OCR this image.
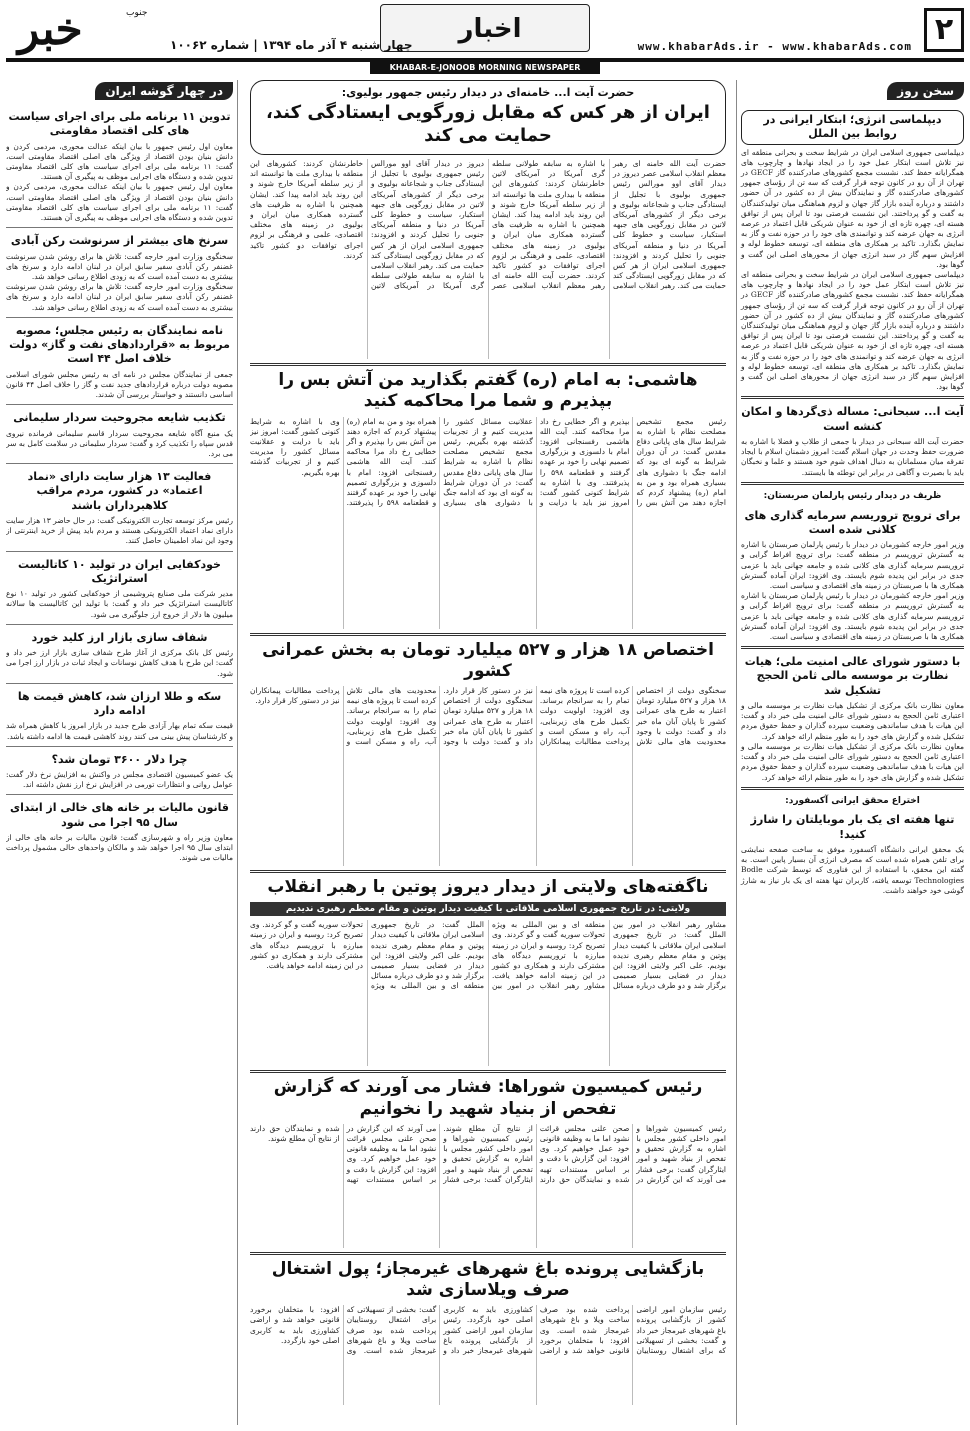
۲
www.khabarAds.ir - www.khabarAds.com
اخبار
خبر	جنوب
چهار شنبه ۴ آذر ماه ۱۳۹۴ | شماره ۱۰۰۶۲
KHABAR-E-JONOOB MORNING NEWSPAPER
سخن روز
دیپلماسی انرژی؛ ابتکار ایرانی در روابط بین الملل
دیپلماسی جمهوری اسلامی ایران در شرایط سخت و بحرانی منطقه ای نیز تلاش است ابتکار عمل خود را در ایجاد نهادها و چارچوب های همگرایانه حفظ کند. نشست مجمع کشورهای صادرکننده گاز GECF در تهران از آن رو در کانون توجه قرار گرفت که سه تن از رؤسای جمهور کشورهای صادرکننده گاز و نمایندگان بیش از ده کشور در آن حضور داشتند و درباره آینده بازار گاز جهان و لزوم هماهنگی میان تولیدکنندگان به گفت و گو پرداختند. این نشست فرصتی بود تا ایران پس از توافق هسته ای، چهره تازه ای از خود به عنوان شریکی قابل اعتماد در عرصه انرژی به جهان عرضه کند و توانمندی های خود را در حوزه نفت و گاز به نمایش بگذارد. تاکید بر همکاری های منطقه ای، توسعه خطوط لوله و افزایش سهم گاز در سبد انرژی جهان از محورهای اصلی این گفت و گوها بود.
دیپلماسی جمهوری اسلامی ایران در شرایط سخت و بحرانی منطقه ای نیز تلاش است ابتکار عمل خود را در ایجاد نهادها و چارچوب های همگرایانه حفظ کند. نشست مجمع کشورهای صادرکننده گاز GECF در تهران از آن رو در کانون توجه قرار گرفت که سه تن از رؤسای جمهور کشورهای صادرکننده گاز و نمایندگان بیش از ده کشور در آن حضور داشتند و درباره آینده بازار گاز جهان و لزوم هماهنگی میان تولیدکنندگان به گفت و گو پرداختند. این نشست فرصتی بود تا ایران پس از توافق هسته ای، چهره تازه ای از خود به عنوان شریکی قابل اعتماد در عرصه انرژی به جهان عرضه کند و توانمندی های خود را در حوزه نفت و گاز به نمایش بگذارد. تاکید بر همکاری های منطقه ای، توسعه خطوط لوله و افزایش سهم گاز در سبد انرژی جهان از محورهای اصلی این گفت و گوها بود.
آیت ا... سبحانی: مساله ذی‌گردها و امکان کنشه است
حضرت آیت الله سبحانی در دیدار با جمعی از طلاب و فضلا با اشاره به ضرورت حفظ وحدت در جهان اسلام گفت: امروز دشمنان اسلام با ایجاد تفرقه میان مسلمانان به دنبال اهداف شوم خود هستند و علما و نخبگان باید با بصیرت و آگاهی در برابر این توطئه ها بایستند.
ظریف در دیدار رئیس پارلمان صربستان:
برای ترویج تروریسم سرمایه گذاری های کلانی شده است
وزیر امور خارجه کشورمان در دیدار با رئیس پارلمان صربستان با اشاره به گسترش تروریسم در منطقه گفت: برای ترویج افراط گرایی و تروریسم سرمایه گذاری های کلانی شده و جامعه جهانی باید با عزمی جدی در برابر این پدیده شوم بایستد. وی افزود: ایران آماده گسترش همکاری ها با صربستان در زمینه های اقتصادی و سیاسی است.
وزیر امور خارجه کشورمان در دیدار با رئیس پارلمان صربستان با اشاره به گسترش تروریسم در منطقه گفت: برای ترویج افراط گرایی و تروریسم سرمایه گذاری های کلانی شده و جامعه جهانی باید با عزمی جدی در برابر این پدیده شوم بایستد. وی افزود: ایران آماده گسترش همکاری ها با صربستان در زمینه های اقتصادی و سیاسی است.
با دستور شورای عالی امنیت ملی؛ هیات نظارت بر موسسه مالی ثامن الحجج تشکیل شد
معاون نظارت بانک مرکزی از تشکیل هیات نظارت بر موسسه مالی و اعتباری ثامن الحجج به دستور شورای عالی امنیت ملی خبر داد و گفت: این هیات با هدف ساماندهی وضعیت سپرده گذاران و حفظ حقوق مردم تشکیل شده و گزارش های خود را به طور منظم ارائه خواهد کرد.
معاون نظارت بانک مرکزی از تشکیل هیات نظارت بر موسسه مالی و اعتباری ثامن الحجج به دستور شورای عالی امنیت ملی خبر داد و گفت: این هیات با هدف ساماندهی وضعیت سپرده گذاران و حفظ حقوق مردم تشکیل شده و گزارش های خود را به طور منظم ارائه خواهد کرد.
اختراع محقق ایرانی آکسفورد:
تنها هفته ای یک بار موبایلتان را شارژ کنید!
یک محقق ایرانی دانشگاه آکسفورد موفق به ساخت صفحه نمایشی برای تلفن همراه شده است که مصرف انرژی آن بسیار پایین است. به گفته این محقق، با استفاده از این فناوری که توسط شرکت Bodle Technologies توسعه یافته، کاربران تنها هفته ای یک بار نیاز به شارژ گوشی خود خواهند داشت.
حضرت آیت ا... خامنه‌ای در دیدار رئیس جمهور بولیوی:
ایران از هر کس که مقابل زورگویی ایستادگی کند، حمایت می کند
حضرت آیت الله خامنه ای رهبر معظم انقلاب اسلامی عصر دیروز در دیدار آقای اوو مورالس رئیس جمهوری بولیوی با تجلیل از ایستادگی جناب و شجاعانه بولیوی و برخی دیگر از کشورهای آمریکای لاتین در مقابل زورگویی های جبهه استکبار، سیاست و خطوط کلی آمریکا در دنیا و منطقه آمریکای جنوبی را تحلیل کردند و افزودند: جمهوری اسلامی ایران از هر کس که در مقابل زورگویی ایستادگی کند حمایت می کند. رهبر انقلاب اسلامی با اشاره به سابقه طولانی سلطه گری آمریکا در آمریکای لاتین خاطرنشان کردند: کشورهای این منطقه با بیداری ملت ها توانسته اند از زیر سلطه آمریکا خارج شوند و این روند باید ادامه پیدا کند. ایشان همچنین با اشاره به ظرفیت های گسترده همکاری میان ایران و بولیوی در زمینه های مختلف اقتصادی، علمی و فرهنگی بر لزوم اجرای توافقات دو کشور تاکید کردند. حضرت آیت الله خامنه ای رهبر معظم انقلاب اسلامی عصر دیروز در دیدار آقای اوو مورالس رئیس جمهوری بولیوی با تجلیل از ایستادگی جناب و شجاعانه بولیوی و برخی دیگر از کشورهای آمریکای لاتین در مقابل زورگویی های جبهه استکبار، سیاست و خطوط کلی آمریکا در دنیا و منطقه آمریکای جنوبی را تحلیل کردند و افزودند: جمهوری اسلامی ایران از هر کس که در مقابل زورگویی ایستادگی کند حمایت می کند. رهبر انقلاب اسلامی با اشاره به سابقه طولانی سلطه گری آمریکا در آمریکای لاتین خاطرنشان کردند: کشورهای این منطقه با بیداری ملت ها توانسته اند از زیر سلطه آمریکا خارج شوند و این روند باید ادامه پیدا کند. ایشان همچنین با اشاره به ظرفیت های گسترده همکاری میان ایران و بولیوی در زمینه های مختلف اقتصادی، علمی و فرهنگی بر لزوم اجرای توافقات دو کشور تاکید کردند.
هاشمی: به امام (ره) گفتم بگذارید من آتش بس را بپذیرم و شما مرا محاکمه کنید
رئیس مجمع تشخیص مصلحت نظام با اشاره به شرایط سال های پایانی دفاع مقدس گفت: در آن دوران شرایط به گونه ای بود که ادامه جنگ با دشواری های بسیاری همراه بود و من به امام (ره) پیشنهاد کردم که اجازه دهند من آتش بس را بپذیرم و اگر خطایی رخ داد مرا محاکمه کنند. آیت الله هاشمی رفسنجانی افزود: امام با دلسوزی و بزرگواری تصمیم نهایی را خود بر عهده گرفتند و قطعنامه ۵۹۸ را پذیرفتند. وی با اشاره به شرایط کنونی کشور گفت: امروز نیز باید با درایت و عقلانیت مسائل کشور را مدیریت کنیم و از تجربیات گذشته بهره بگیریم. رئیس مجمع تشخیص مصلحت نظام با اشاره به شرایط سال های پایانی دفاع مقدس گفت: در آن دوران شرایط به گونه ای بود که ادامه جنگ با دشواری های بسیاری همراه بود و من به امام (ره) پیشنهاد کردم که اجازه دهند من آتش بس را بپذیرم و اگر خطایی رخ داد مرا محاکمه کنند. آیت الله هاشمی رفسنجانی افزود: امام با دلسوزی و بزرگواری تصمیم نهایی را خود بر عهده گرفتند و قطعنامه ۵۹۸ را پذیرفتند. وی با اشاره به شرایط کنونی کشور گفت: امروز نیز باید با درایت و عقلانیت مسائل کشور را مدیریت کنیم و از تجربیات گذشته بهره بگیریم.
اختصاص ۱۸ هزار و ۵۲۷ میلیارد تومان به بخش عمرانی کشور
سخنگوی دولت از اختصاص ۱۸ هزار و ۵۲۷ میلیارد تومان اعتبار به طرح های عمرانی کشور تا پایان آبان ماه خبر داد و گفت: دولت با وجود محدودیت های مالی تلاش کرده است تا پروژه های نیمه تمام را به سرانجام برساند. وی افزود: اولویت دولت تکمیل طرح های زیربنایی، آب، راه و مسکن است و پرداخت مطالبات پیمانکاران نیز در دستور کار قرار دارد. سخنگوی دولت از اختصاص ۱۸ هزار و ۵۲۷ میلیارد تومان اعتبار به طرح های عمرانی کشور تا پایان آبان ماه خبر داد و گفت: دولت با وجود محدودیت های مالی تلاش کرده است تا پروژه های نیمه تمام را به سرانجام برساند. وی افزود: اولویت دولت تکمیل طرح های زیربنایی، آب، راه و مسکن است و پرداخت مطالبات پیمانکاران نیز در دستور کار قرار دارد.
ناگفته‌های ولایتی از دیدار دیروز پوتین با رهبر انقلاب
ولایتی: در تاریخ جمهوری اسلامی ملاقاتی با کیفیت دیدار پوتین و مقام معظم رهبری ندیدیم
مشاور رهبر انقلاب در امور بین الملل گفت: در تاریخ جمهوری اسلامی ایران ملاقاتی با کیفیت دیدار پوتین و مقام معظم رهبری ندیده بودیم. علی اکبر ولایتی افزود: این دیدار در فضایی بسیار صمیمی برگزار شد و دو طرف درباره مسائل منطقه ای و بین المللی به ویژه تحولات سوریه گفت و گو کردند. وی تصریح کرد: روسیه و ایران در زمینه مبارزه با تروریسم دیدگاه های مشترکی دارند و همکاری دو کشور در این زمینه ادامه خواهد یافت. مشاور رهبر انقلاب در امور بین الملل گفت: در تاریخ جمهوری اسلامی ایران ملاقاتی با کیفیت دیدار پوتین و مقام معظم رهبری ندیده بودیم. علی اکبر ولایتی افزود: این دیدار در فضایی بسیار صمیمی برگزار شد و دو طرف درباره مسائل منطقه ای و بین المللی به ویژه تحولات سوریه گفت و گو کردند. وی تصریح کرد: روسیه و ایران در زمینه مبارزه با تروریسم دیدگاه های مشترکی دارند و همکاری دو کشور در این زمینه ادامه خواهد یافت.
رئیس کمیسیون شوراها: فشار می آورند که گزارش تفحص از بنیاد شهید را نخوانیم
رئیس کمیسیون شوراها و امور داخلی کشور مجلس با اشاره به گزارش تحقیق و تفحص از بنیاد شهید و امور ایثارگران گفت: برخی فشار می آورند که این گزارش در صحن علنی مجلس قرائت نشود اما ما به وظیفه قانونی خود عمل خواهیم کرد. وی افزود: این گزارش با دقت و بر اساس مستندات تهیه شده و نمایندگان حق دارند از نتایج آن مطلع شوند. رئیس کمیسیون شوراها و امور داخلی کشور مجلس با اشاره به گزارش تحقیق و تفحص از بنیاد شهید و امور ایثارگران گفت: برخی فشار می آورند که این گزارش در صحن علنی مجلس قرائت نشود اما ما به وظیفه قانونی خود عمل خواهیم کرد. وی افزود: این گزارش با دقت و بر اساس مستندات تهیه شده و نمایندگان حق دارند از نتایج آن مطلع شوند.
بازگشایی پرونده باغ شهرهای غیرمجاز؛ پول اشتغال صرف ویلاسازی شد
رئیس سازمان امور اراضی کشور از بازگشایی پرونده باغ شهرهای غیرمجاز خبر داد و گفت: بخشی از تسهیلاتی که برای اشتغال روستاییان پرداخت شده بود صرف ساخت ویلا و باغ شهرهای غیرمجاز شده است. وی افزود: با متخلفان برخورد قانونی خواهد شد و اراضی کشاورزی باید به کاربری اصلی خود بازگردد. رئیس سازمان امور اراضی کشور از بازگشایی پرونده باغ شهرهای غیرمجاز خبر داد و گفت: بخشی از تسهیلاتی که برای اشتغال روستاییان پرداخت شده بود صرف ساخت ویلا و باغ شهرهای غیرمجاز شده است. وی افزود: با متخلفان برخورد قانونی خواهد شد و اراضی کشاورزی باید به کاربری اصلی خود بازگردد.
در چهار گوشه ایران
تدوین ۱۱ برنامه ملی برای اجرای سیاست های کلی اقتصاد مقاومتی
معاون اول رئیس جمهور با بیان اینکه عدالت محوری، مردمی کردن و دانش بنیان بودن اقتصاد از ویژگی های اصلی اقتصاد مقاومتی است، گفت: ۱۱ برنامه ملی برای اجرای سیاست های کلی اقتصاد مقاومتی تدوین شده و دستگاه های اجرایی موظف به پیگیری آن هستند.
معاون اول رئیس جمهور با بیان اینکه عدالت محوری، مردمی کردن و دانش بنیان بودن اقتصاد از ویژگی های اصلی اقتصاد مقاومتی است، گفت: ۱۱ برنامه ملی برای اجرای سیاست های کلی اقتصاد مقاومتی تدوین شده و دستگاه های اجرایی موظف به پیگیری آن هستند.
سرنخ های بیشتر از سرنوشت رکن آبادی
سخنگوی وزارت امور خارجه گفت: تلاش ها برای روشن شدن سرنوشت غضنفر رکن آبادی سفیر سابق ایران در لبنان ادامه دارد و سرنخ های بیشتری به دست آمده است که به زودی اطلاع رسانی خواهد شد.
سخنگوی وزارت امور خارجه گفت: تلاش ها برای روشن شدن سرنوشت غضنفر رکن آبادی سفیر سابق ایران در لبنان ادامه دارد و سرنخ های بیشتری به دست آمده است که به زودی اطلاع رسانی خواهد شد.
نامه نمایندگان به رئیس مجلس؛ مصوبه مربوط به «قراردادهای نفت و گاز» دولت خلاف اصل ۴۴ است
جمعی از نمایندگان مجلس در نامه ای به رئیس مجلس شورای اسلامی مصوبه دولت درباره قراردادهای جدید نفت و گاز را خلاف اصل ۴۴ قانون اساسی دانستند و خواستار بررسی آن شدند.
تکذیب شایعه مجروحیت سردار سلیمانی
یک منبع آگاه شایعه مجروحیت سردار قاسم سلیمانی فرمانده نیروی قدس سپاه را تکذیب کرد و گفت: سردار سلیمانی در سلامت کامل به سر می برد.
فعالیت ۱۳ هزار سایت دارای «نماد اعتماد» در کشور، مردم مراقب کلاهبرداران باشند
رئیس مرکز توسعه تجارت الکترونیکی گفت: در حال حاضر ۱۳ هزار سایت دارای نماد اعتماد الکترونیکی هستند و مردم باید پیش از خرید اینترنتی از وجود این نماد اطمینان حاصل کنند.
خودکفایی ایران در تولید ۱۰ کاتالیست استراتژیک
مدیر شرکت ملی صنایع پتروشیمی از خودکفایی کشور در تولید ۱۰ نوع کاتالیست استراتژیک خبر داد و گفت: با تولید این کاتالیست ها سالانه میلیون ها دلار از خروج ارز جلوگیری می شود.
شفاف سازی بازار ارز کلید خورد
رئیس کل بانک مرکزی از آغاز طرح شفاف سازی بازار ارز خبر داد و گفت: این طرح با هدف کاهش نوسانات و ایجاد ثبات در بازار ارز اجرا می شود.
سکه و طلا ارزان شد، کاهش قیمت ها ادامه دارد
قیمت سکه تمام بهار آزادی طرح جدید در بازار امروز با کاهش همراه شد و کارشناسان پیش بینی می کنند روند کاهشی قیمت ها ادامه داشته باشد.
چرا دلار ۳۶۰۰ تومان شد؟
یک عضو کمیسیون اقتصادی مجلس در واکنش به افزایش نرخ دلار گفت: عوامل روانی و انتظارات تورمی در افزایش نرخ ارز نقش داشته اند.
قانون مالیات بر خانه های خالی از ابتدای سال ۹۵ اجرا می شود
معاون وزیر راه و شهرسازی گفت: قانون مالیات بر خانه های خالی از ابتدای سال ۹۵ اجرا خواهد شد و مالکان واحدهای خالی مشمول پرداخت مالیات می شوند.
